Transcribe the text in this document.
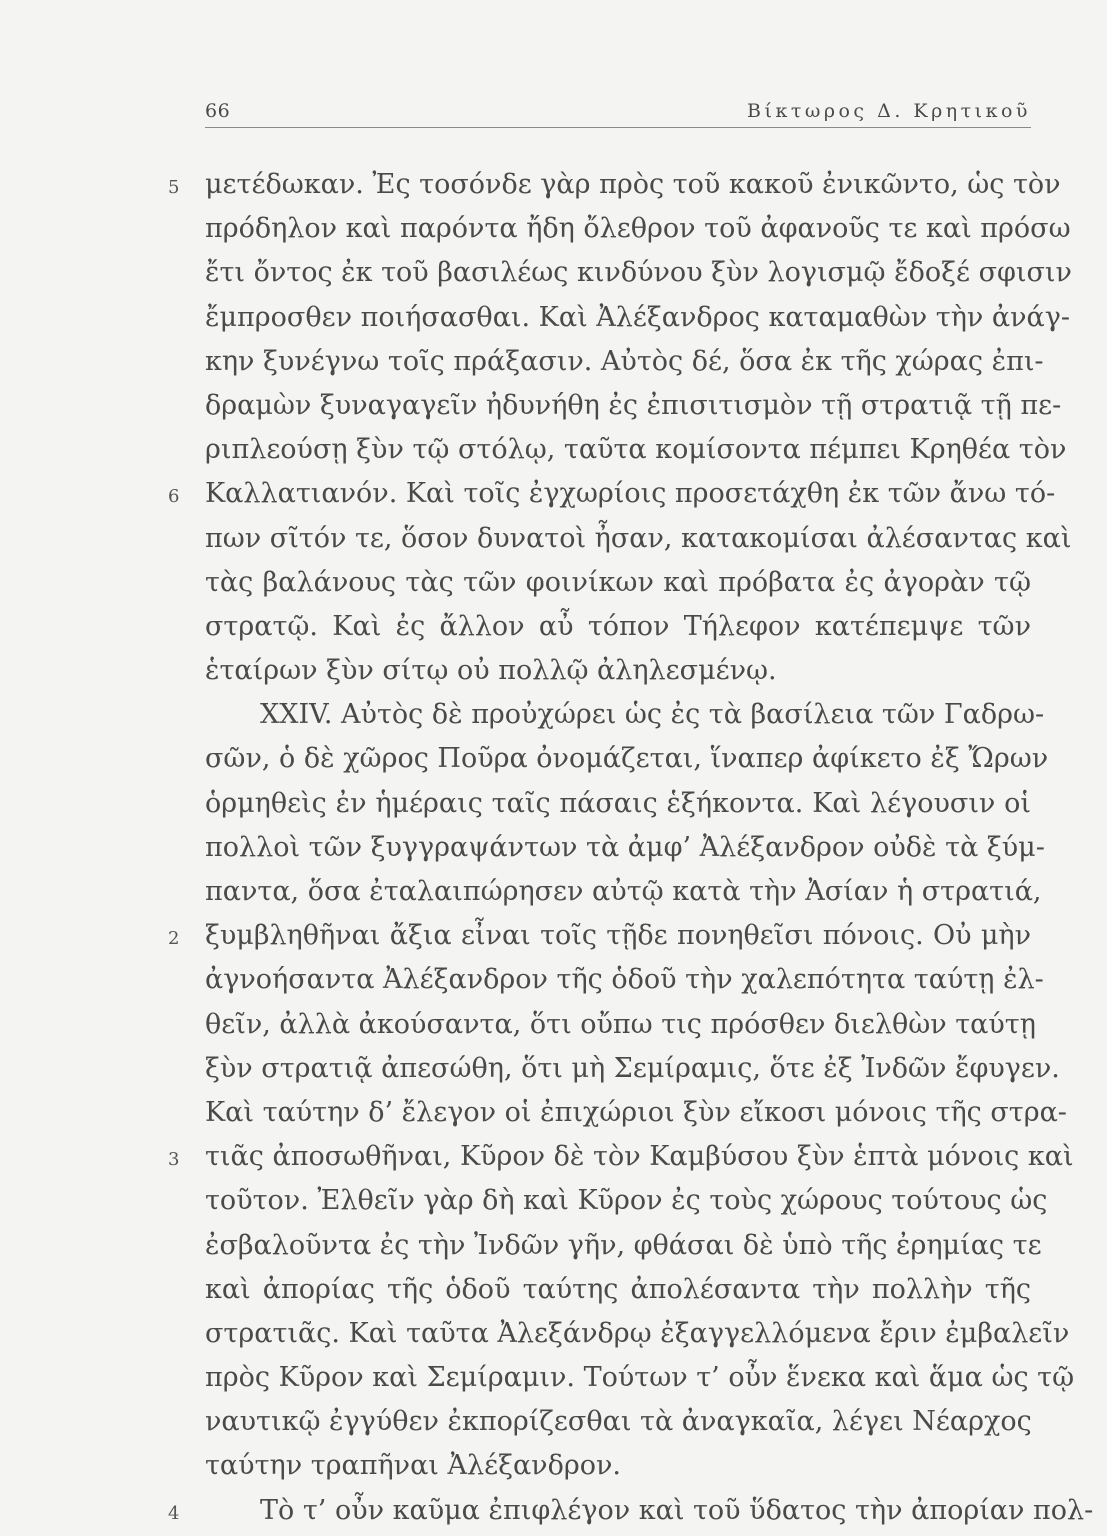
66	Βίκτωρος Δ. Κρητικοῦ
5 μετέδωκαν. Ἐς τοσόνδε γὰρ πρὸς τοῦ κακοῦ ἐνικῶντο, ὡς τὸν
πρόδηλον καὶ παρόντα ἤδη ὄλεθρον τοῦ ἀφανοῦς τε καὶ πρόσω
ἔτι ὄντος ἐκ τοῦ βασιλέως κινδύνου ξὺν λογισμῷ ἔδοξέ σφισιν
ἔμπροσθεν ποιήσασθαι. Καὶ Ἀλέξανδρος καταμαθὼν τὴν ἀνάγ-
κην ξυνέγνω τοῖς πράξασιν. Αὐτὸς δέ, ὅσα ἐκ τῆς χώρας ἐπι-
δραμὼν ξυναγαγεῖν ἠδυνήθη ἐς ἐπισιτισμὸν τῇ στρατιᾷ τῇ πε-
ριπλεούσῃ ξὺν τῷ στόλῳ, ταῦτα κομίσοντα πέμπει Κρηθέα τὸν
6 Καλλατιανόν. Καὶ τοῖς ἐγχωρίοις προσετάχθη ἐκ τῶν ἄνω τό-
πων σῖτόν τε, ὅσον δυνατοὶ ἦσαν, κατακομίσαι ἀλέσαντας καὶ
τὰς βαλάνους τὰς τῶν φοινίκων καὶ πρόβατα ἐς ἀγορὰν τῷ
στρατῷ. Καὶ ἐς ἄλλον αὖ τόπον Τήλεφον κατέπεμψε τῶν
ἑταίρων ξὺν σίτῳ οὐ πολλῷ ἀληλεσμένῳ.
XXIV. Αὐτὸς δὲ προὐχώρει ὡς ἐς τὰ βασίλεια τῶν Γαδρω-
σῶν, ὁ δὲ χῶρος Ποῦρα ὀνομάζεται, ἵναπερ ἀφίκετο ἐξ Ὤρων
ὁρμηθεὶς ἐν ἡμέραις ταῖς πάσαις ἑξήκοντα. Καὶ λέγουσιν οἱ
πολλοὶ τῶν ξυγγραψάντων τὰ ἀμφ’ Ἀλέξανδρον οὐδὲ τὰ ξύμ-
παντα, ὅσα ἐταλαιπώρησεν αὐτῷ κατὰ τὴν Ἀσίαν ἡ στρατιά,
2 ξυμβληθῆναι ἄξια εἶναι τοῖς τῇδε πονηθεῖσι πόνοις. Οὐ μὴν
ἀγνοήσαντα Ἀλέξανδρον τῆς ὁδοῦ τὴν χαλεπότητα ταύτῃ ἐλ-
θεῖν, ἀλλὰ ἀκούσαντα, ὅτι οὔπω τις πρόσθεν διελθὼν ταύτῃ
ξὺν στρατιᾷ ἀπεσώθη, ὅτι μὴ Σεμίραμις, ὅτε ἐξ Ἰνδῶν ἔφυγεν.
Καὶ ταύτην δ’ ἔλεγον οἱ ἐπιχώριοι ξὺν εἴκοσι μόνοις τῆς στρα-
3 τιᾶς ἀποσωθῆναι, Κῦρον δὲ τὸν Καμβύσου ξὺν ἑπτὰ μόνοις καὶ
τοῦτον. Ἐλθεῖν γὰρ δὴ καὶ Κῦρον ἐς τοὺς χώρους τούτους ὡς
ἐσβαλοῦντα ἐς τὴν Ἰνδῶν γῆν, φθάσαι δὲ ὑπὸ τῆς ἐρημίας τε
καὶ ἀπορίας τῆς ὁδοῦ ταύτης ἀπολέσαντα τὴν πολλὴν τῆς
στρατιᾶς. Καὶ ταῦτα Ἀλεξάνδρῳ ἐξαγγελλόμενα ἔριν ἐμβαλεῖν
πρὸς Κῦρον καὶ Σεμίραμιν. Τούτων τ’ οὖν ἕνεκα καὶ ἅμα ὡς τῷ
ναυτικῷ ἐγγύθεν ἐκπορίζεσθαι τὰ ἀναγκαῖα, λέγει Νέαρχος
ταύτην τραπῆναι Ἀλέξανδρον.
4	Τὸ τ’ οὖν καῦμα ἐπιφλέγον καὶ τοῦ ὕδατος τὴν ἀπορίαν πολ-
